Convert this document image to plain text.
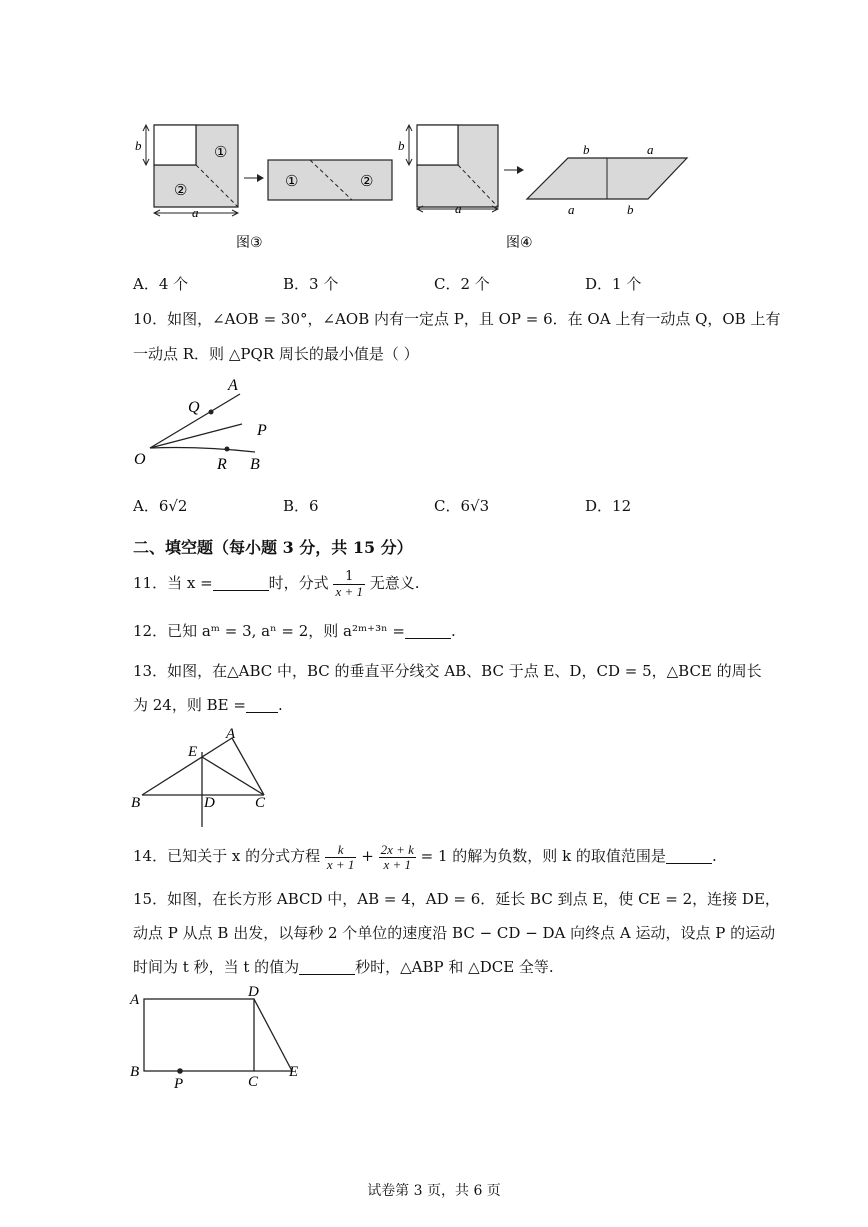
①
②
b
a
①	②
图③
b
a
b	a
a	b
图④
A．4 个	B．3 个	C．2 个	D．1 个
10．如图，∠AOB = 30°，∠AOB 内有一定点 P，且 OP = 6．在 OA 上有一动点 Q，OB 上有
一动点 R．则 △PQR 周长的最小值是（ ）
A
Q
P
O	R B
A．6√2	B．6	C．6√3	D．12
二、填空题（每小题 3 分，共 15 分）
11．当 x =	时，分式 $\frac{1}{x + 1}$ 无意义.
12．已知 aᵐ = 3, aⁿ = 2，则 a²ᵐ⁺³ⁿ =	.
13．如图，在△ABC 中，BC 的垂直平分线交 AB、BC 于点 E、D，CD = 5，△BCE 的周长
为 24，则 BE = .
A
E
B	D	C
14．已知关于 x 的分式方程 $\frac{k}{x + 1} + \frac{2x + k}{x + 1} = 1$ 的解为负数，则 k 的取值范围是	.
15．如图，在长方形 ABCD 中，AB = 4，AD = 6．延长 BC 到点 E，使 CE = 2，连接 DE，
动点 P 从点 B 出发，以每秒 2 个单位的速度沿 BC − CD − DA 向终点 A 运动，设点 P 的运动
时间为 t 秒，当 t 的值为	秒时，△ABP 和 △DCE 全等.
A	D
B
P	C
E
试卷第 3 页，共 6 页
